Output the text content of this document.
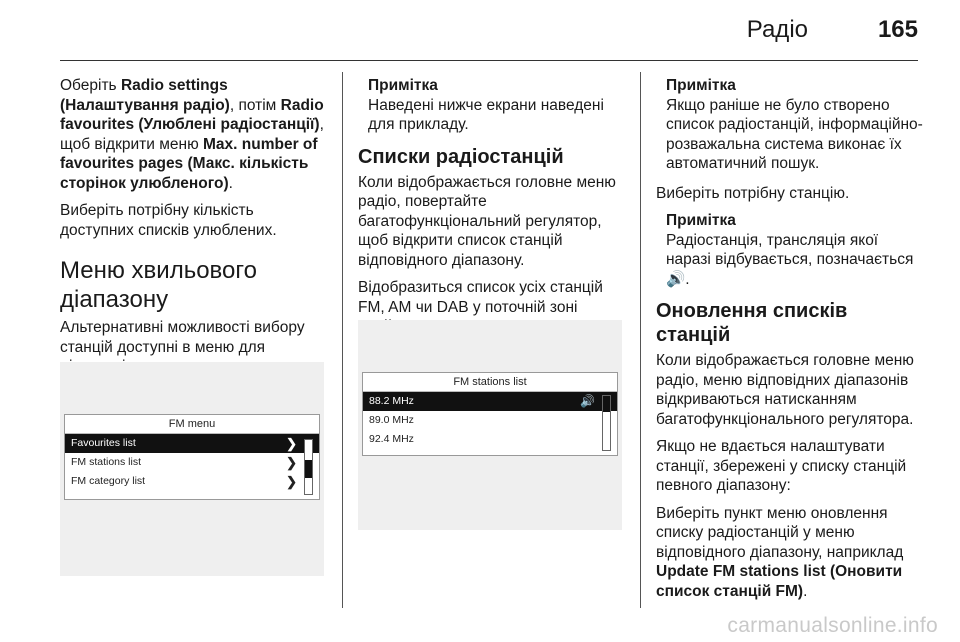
Радіо	165

Оберіть Radio settings (Налаштування радіо), потім Radio favourites (Улюблені радіостанції), щоб відкрити меню Max. number of favourites pages (Макс. кількість сторінок улюбленого).

Виберіть потрібну кількість доступних списків улюблених.

Меню хвильового діапазону

Альтернативні можливості вибору станцій доступні в меню для

FM menu
Favourites list	❯
FM stations list	❯
FM category list	❯
Примітка
Наведені нижче екрани наведені для прикладу.
Списки радіостанцій

Коли відображається головне меню радіо, повертайте багатофункціональний регулятор, щоб відкрити список станцій відповідного діапазону.

Відобразиться список усіх станцій FM, AM чи DAB у поточній зоні

FM stations list
88.2 MHz	🔊
89.0 MHz
92.4 MHz
Примітка
Якщо раніше не було створено список радіостанцій, інформаційно-розважальна система виконає їх автоматичний пошук.

Виберіть потрібну станцію.

Примітка
Радіостанція, трансляція якої наразі відбувається, позначається 🔊.
Оновлення списків станцій

Коли відображається головне меню радіо, меню відповідних діапазонів відкриваються натисканням багатофункціонального регулятора.

Якщо не вдається налаштувати станції, збережені у списку станцій певного діапазону:

Виберіть пункт меню оновлення списку радіостанцій у меню відповідного діапазону, наприклад Update FM stations list (Оновити список станцій FM).

carmanualsonline.info
